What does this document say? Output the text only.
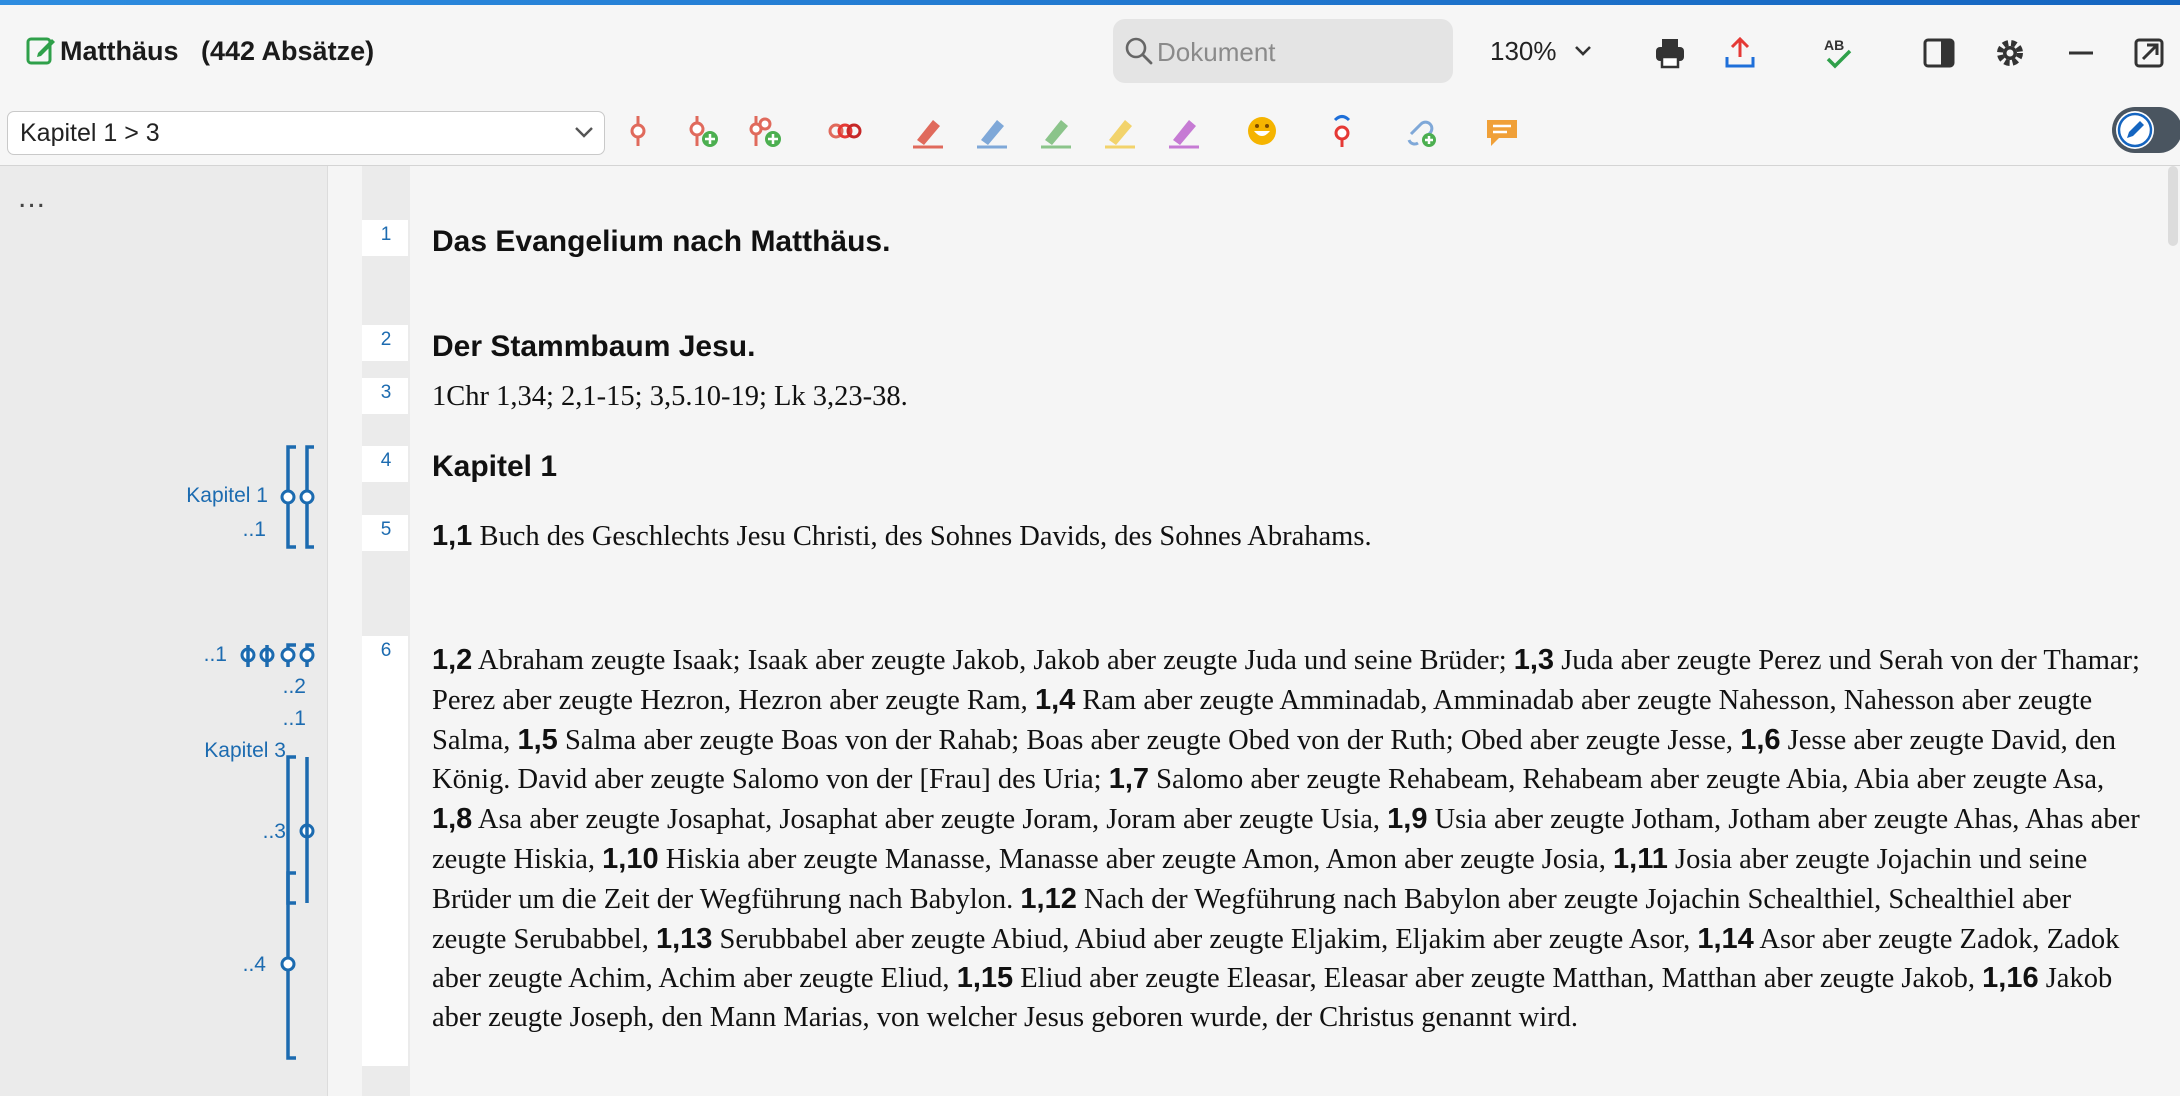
Matthäus   (442 Absätze)
Dokument	130%	AB
Kapitel 1 > 3
...
Kapitel 1
..1
..1
..2
..1
Kapitel 3
..3
..4
1
2
3
4
5
6
Das Evangelium nach Matthäus.
Der Stammbaum Jesu.
1Chr 1,34; 2,1-15; 3,5.10-19; Lk 3,23-38.
Kapitel 1
1,1 Buch des Geschlechts Jesu Christi, des Sohnes Davids, des Sohnes Abrahams.
1,2 Abraham zeugte Isaak; Isaak aber zeugte Jakob, Jakob aber zeugte Juda und seine Brüder; 1,3 Juda aber zeugte Perez und Serah von der Thamar; Perez aber zeugte Hezron, Hezron aber zeugte Ram, 1,4 Ram aber zeugte Amminadab, Amminadab aber zeugte Nahesson, Nahesson aber zeugte Salma, 1,5 Salma aber zeugte Boas von der Rahab; Boas aber zeugte Obed von der Ruth; Obed aber zeugte Jesse, 1,6 Jesse aber zeugte David, den König. David aber zeugte Salomo von der [Frau] des Uria; 1,7 Salomo aber zeugte Rehabeam, Rehabeam aber zeugte Abia, Abia aber zeugte Asa, 1,8 Asa aber zeugte Josaphat, Josaphat aber zeugte Joram, Joram aber zeugte Usia, 1,9 Usia aber zeugte Jotham, Jotham aber zeugte Ahas, Ahas aber zeugte Hiskia, 1,10 Hiskia aber zeugte Manasse, Manasse aber zeugte Amon, Amon aber zeugte Josia, 1,11 Josia aber zeugte Jojachin und seine Brüder um die Zeit der Wegführung nach Babylon. 1,12 Nach der Wegführung nach Babylon aber zeugte Jojachin Schealthiel, Schealthiel aber zeugte Serubabbel, 1,13 Serubbabel aber zeugte Abiud, Abiud aber zeugte Eljakim, Eljakim aber zeugte Asor, 1,14 Asor aber zeugte Zadok, Zadok aber zeugte Achim, Achim aber zeugte Eliud, 1,15 Eliud aber zeugte Eleasar, Eleasar aber zeugte Matthan, Matthan aber zeugte Jakob, 1,16 Jakob aber zeugte Joseph, den Mann Marias, von welcher Jesus geboren wurde, der Christus genannt wird.
